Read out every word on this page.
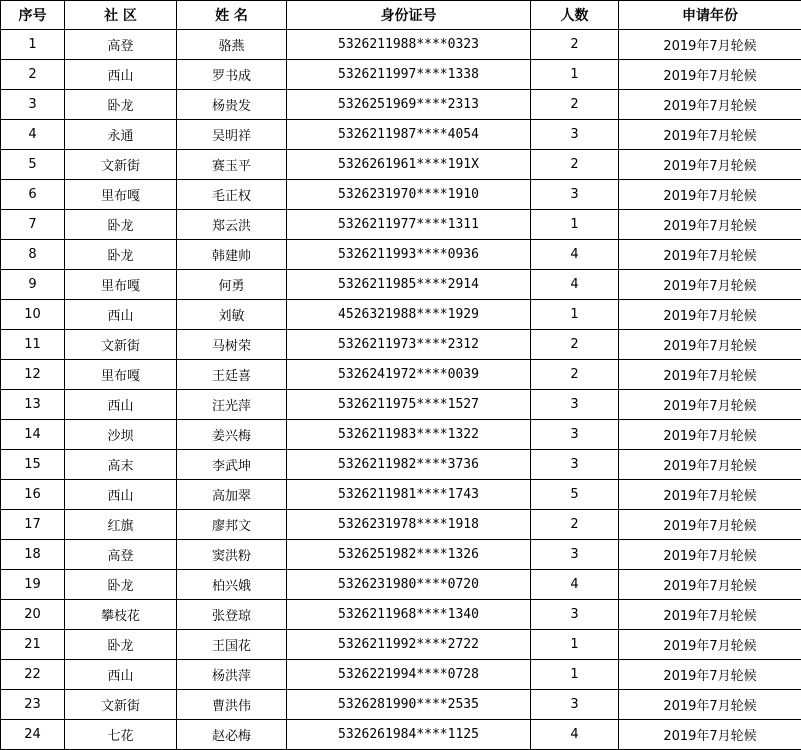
序号	社 区	姓 名	身份证号	人数	申请年份
1	高登	骆燕	5326211988****0323	2	2019年7月轮候
2	西山	罗书成	5326211997****1338	1	2019年7月轮候
3	卧龙	杨贵发	5326251969****2313	2	2019年7月轮候
4	永通	吴明祥	5326211987****4054	3	2019年7月轮候
5	文新街	赛玉平	5326261961****191X	2	2019年7月轮候
6	里布嘎	毛正权	5326231970****1910	3	2019年7月轮候
7	卧龙	郑云洪	5326211977****1311	1	2019年7月轮候
8	卧龙	韩建帅	5326211993****0936	4	2019年7月轮候
9	里布嘎	何勇	5326211985****2914	4	2019年7月轮候
10	西山	刘敏	4526321988****1929	1	2019年7月轮候
11	文新街	马树荣	5326211973****2312	2	2019年7月轮候
12	里布嘎	王廷喜	5326241972****0039	2	2019年7月轮候
13	西山	汪光萍	5326211975****1527	3	2019年7月轮候
14	沙坝	姜兴梅	5326211983****1322	3	2019年7月轮候
15	高末	李武坤	5326211982****3736	3	2019年7月轮候
16	西山	高加翠	5326211981****1743	5	2019年7月轮候
17	红旗	廖邦文	5326231978****1918	2	2019年7月轮候
18	高登	窦洪粉	5326251982****1326	3	2019年7月轮候
19	卧龙	柏兴娥	5326231980****0720	4	2019年7月轮候
20	攀枝花	张登琼	5326211968****1340	3	2019年7月轮候
21	卧龙	王国花	5326211992****2722	1	2019年7月轮候
22	西山	杨洪萍	5326221994****0728	1	2019年7月轮候
23	文新街	曹洪伟	5326281990****2535	3	2019年7月轮候
24	七花	赵必梅	5326261984****1125	4	2019年7月轮候
